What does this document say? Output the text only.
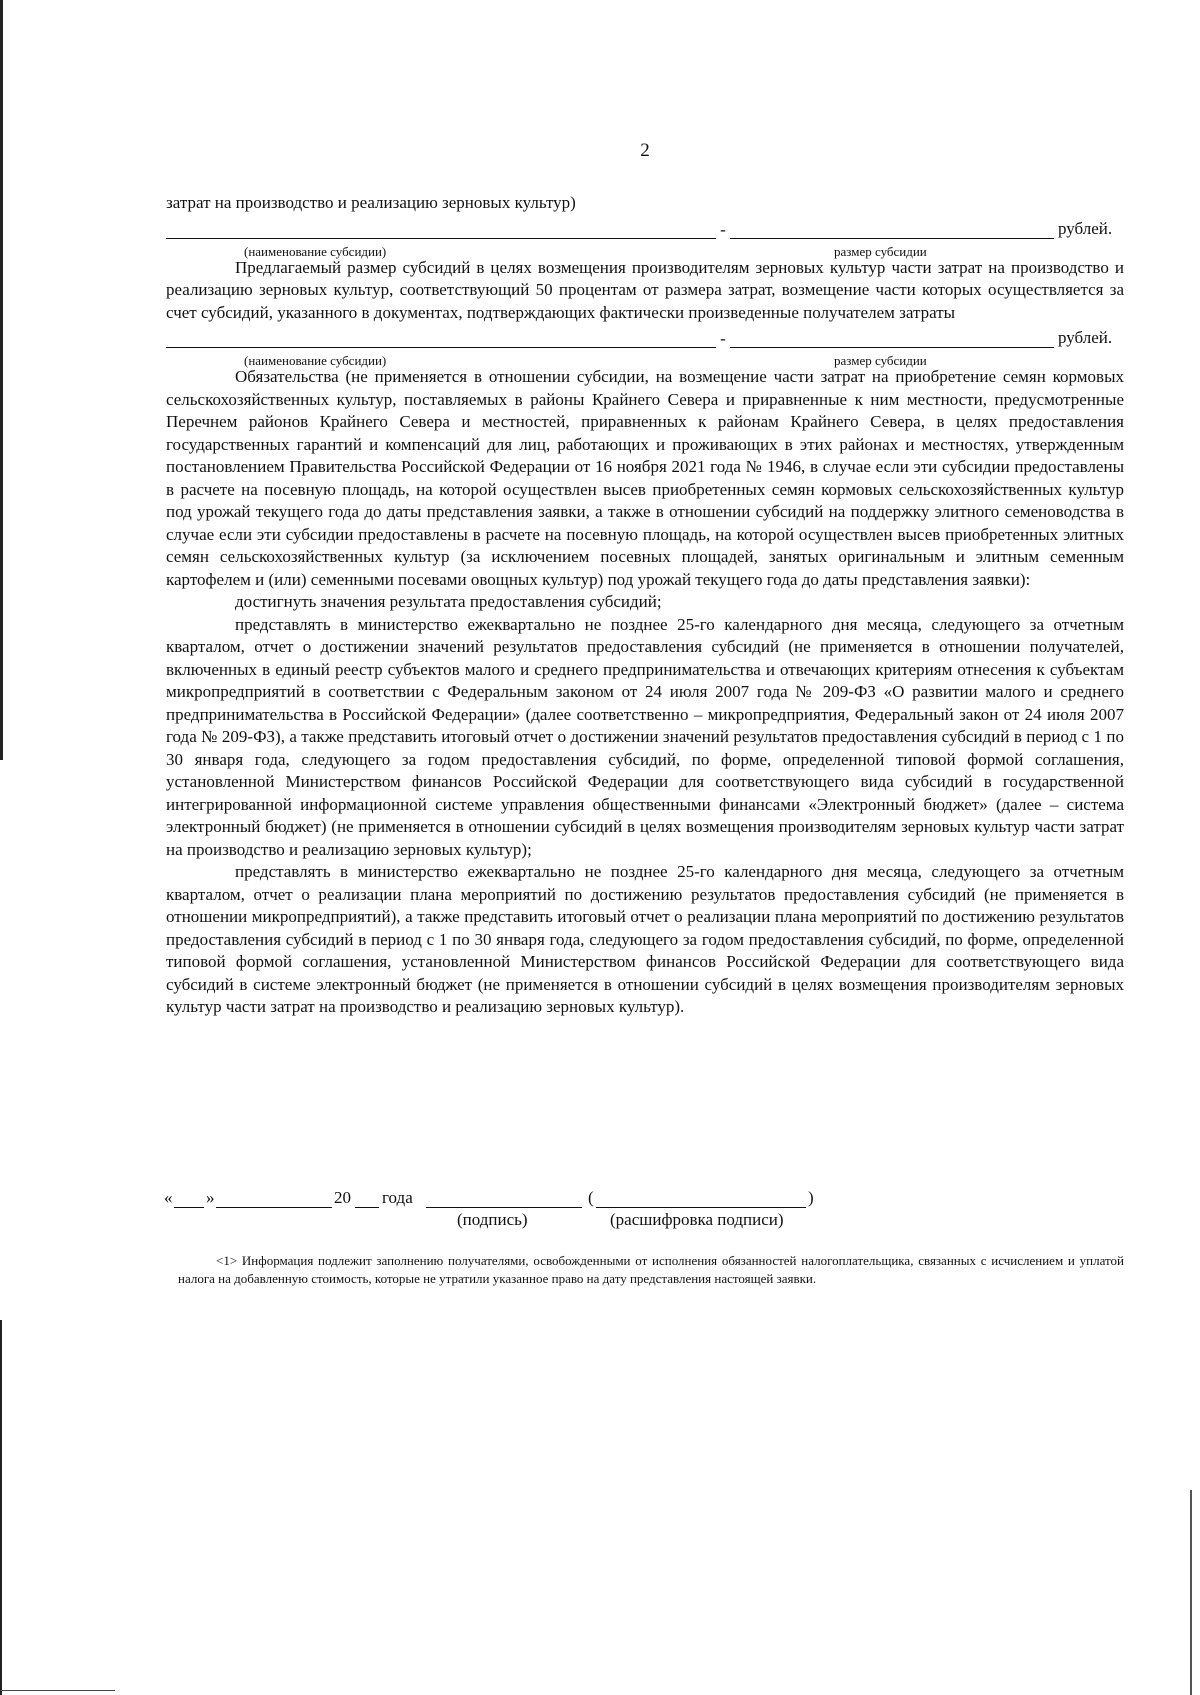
2

затрат на производство и реализацию зерновых культур)

-	рублей.
(наименование субсидии)	размер субсидии

Предлагаемый размер субсидий в целях возмещения производителям зерновых культур части затрат на производство и реализацию зерновых культур, соответствующий 50 процентам от размера затрат, возмещение части которых осуществляется за счет субсидий, указанного в документах, подтверждающих фактически произведенные получателем затраты

-	рублей.
(наименование субсидии)	размер субсидии

Обязательства (не применяется в отношении субсидии, на возмещение части затрат на приобретение семян кормовых сельскохозяйственных культур, поставляемых в районы Крайнего Севера и приравненные к ним местности, предусмотренные Перечнем районов Крайнего Севера и местностей, приравненных к районам Крайнего Севера, в целях предоставления государственных гарантий и компенсаций для лиц, работающих и проживающих в этих районах и местностях, утвержденным постановлением Правительства Российской Федерации от 16 ноября 2021 года № 1946, в случае если эти субсидии предоставлены в расчете на посевную площадь, на которой осуществлен высев приобретенных семян кормовых сельскохозяйственных культур под урожай текущего года до даты представления заявки, а также в отношении субсидий на поддержку элитного семеноводства в случае если эти субсидии предоставлены в расчете на посевную площадь, на которой осуществлен высев приобретенных элитных семян сельскохозяйственных культур (за исключением посевных площадей, занятых оригинальным и элитным семенным картофелем и (или) семенными посевами овощных культур) под урожай текущего года до даты представления заявки):

достигнуть значения результата предоставления субсидий;

представлять в министерство ежеквартально не позднее 25-го календарного дня месяца, следующего за отчетным кварталом, отчет о достижении значений результатов предоставления субсидий (не применяется в отношении получателей, включенных в единый реестр субъектов малого и среднего предпринимательства и отвечающих критериям отнесения к субъектам микропредприятий в соответствии с Федеральным законом от 24 июля 2007 года № 209-ФЗ «О развитии малого и среднего предпринимательства в Российской Федерации» (далее соответственно – микропредприятия, Федеральный закон от 24 июля 2007 года № 209-ФЗ), а также представить итоговый отчет о достижении значений результатов предоставления субсидий в период с 1 по 30 января года, следующего за годом предоставления субсидий, по форме, определенной типовой формой соглашения, установленной Министерством финансов Российской Федерации для соответствующего вида субсидий в государственной интегрированной информационной системе управления общественными финансами «Электронный бюджет» (далее – система электронный бюджет) (не применяется в отношении субсидий в целях возмещения производителям зерновых культур части затрат на производство и реализацию зерновых культур);

представлять в министерство ежеквартально не позднее 25-го календарного дня месяца, следующего за отчетным кварталом, отчет о реализации плана мероприятий по достижению результатов предоставления субсидий (не применяется в отношении микропредприятий), а также представить итоговый отчет о реализации плана мероприятий по достижению результатов предоставления субсидий в период с 1 по 30 января года, следующего за годом предоставления субсидий, по форме, определенной типовой формой соглашения, установленной Министерством финансов Российской Федерации для соответствующего вида субсидий в системе электронный бюджет (не применяется в отношении субсидий в целях возмещения производителям зерновых культур части затрат на производство и реализацию зерновых культур).

« »	20 года	(	)
(подпись)	(расшифровка подписи)

<1> Информация подлежит заполнению получателями, освобожденными от исполнения обязанностей налогоплательщика, связанных с исчислением и уплатой налога на добавленную стоимость, которые не утратили указанное право на дату представления настоящей заявки.
